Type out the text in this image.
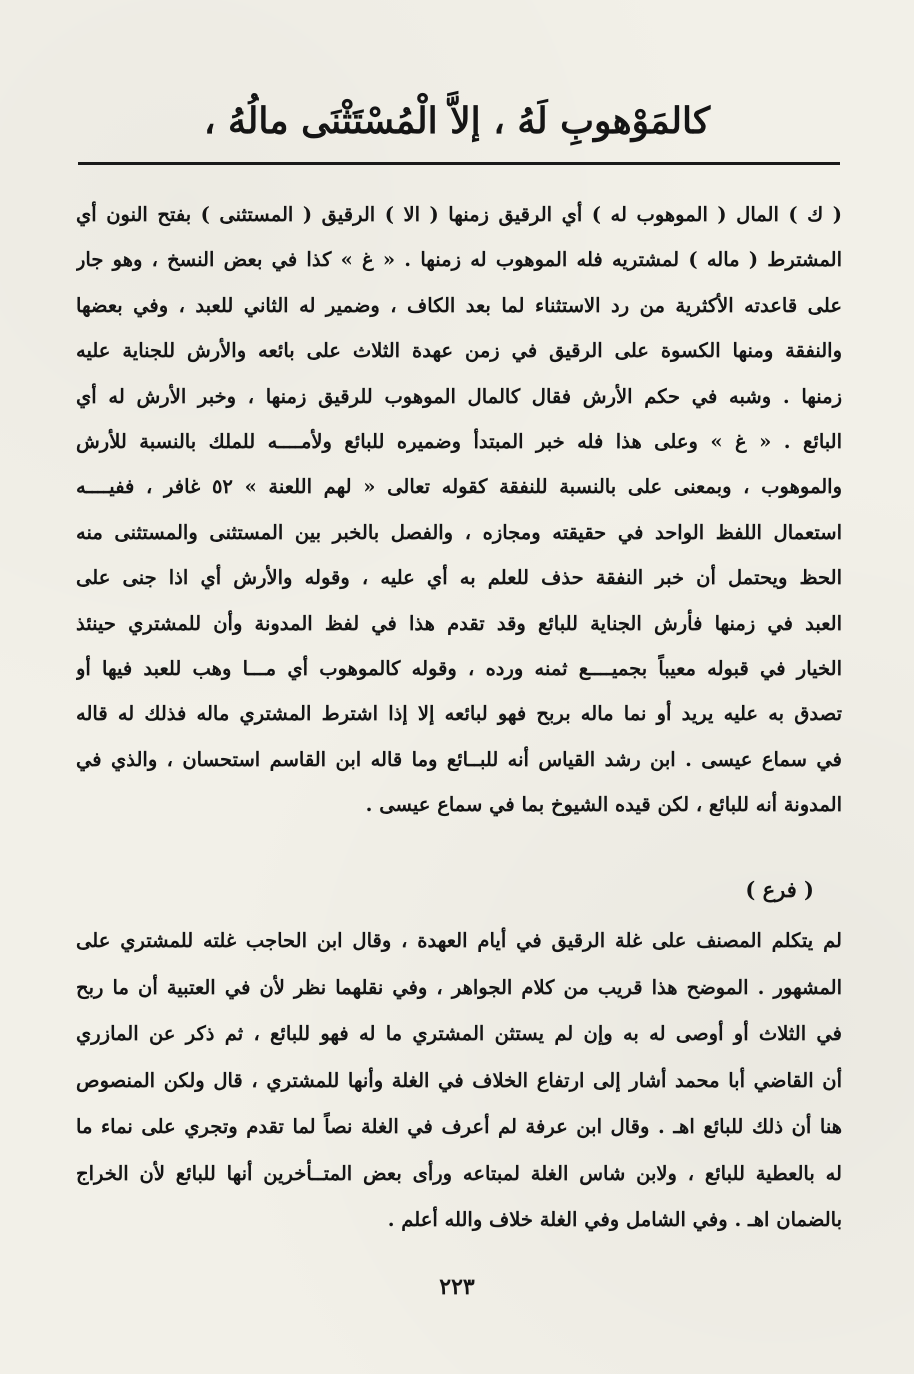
كالمَوْهوبِ لَهُ ، إلاَّ الْمُسْتَثْنَى مالُهُ ،
( ك ) المال ( الموهوب له ) أي الرقيق زمنها ( الا ) الرقيق ( المستثنى ) بفتح النون أي
المشترط ( ماله ) لمشتريه فله الموهوب له زمنها . « غ » كذا في بعض النسخ ، وهو جار
على قاعدته الأكثرية من رد الاستثناء لما بعد الكاف ، وضمير له الثاني للعبد ، وفي بعضها
والنفقة ومنها الكسوة على الرقيق في زمن عهدة الثلاث على بائعه والأرش للجناية عليه
زمنها . وشبه في حكم الأرش فقال كالمال الموهوب للرقيق زمنها ، وخبر الأرش له أي
البائع . « غ » وعلى هذا فله خبر المبتدأ وضميره للبائع ولأمــــه للملك بالنسبة للأرش
والموهوب ، وبمعنى على بالنسبة للنفقة كقوله تعالى « لهم اللعنة » ٥٢ غافر ، ففيــــه
استعمال اللفظ الواحد في حقيقته ومجازه ، والفصل بالخبر بين المستثنى والمستثنى منه
الحظ ويحتمل أن خبر النفقة حذف للعلم به أي عليه ، وقوله والأرش أي اذا جنى على
العبد في زمنها فأرش الجناية للبائع وقد تقدم هذا في لفظ المدونة وأن للمشتري حينئذ
الخيار في قبوله معيباً بجميــــع ثمنه ورده ، وقوله كالموهوب أي مـــا وهب للعبد فيها أو
تصدق به عليه يريد أو نما ماله بربح فهو لبائعه إلا إذا اشترط المشتري ماله فذلك له قاله
في سماع عيسى . ابن رشد القياس أنه للبــائع وما قاله ابن القاسم استحسان ، والذي في
المدونة أنه للبائع ، لكن قيده الشيوخ بما في سماع عيسى .
( فرع )
لم يتكلم المصنف على غلة الرقيق في أيام العهدة ، وقال ابن الحاجب غلته للمشتري على
المشهور . الموضح هذا قريب من كلام الجواهر ، وفي نقلهما نظر لأن في العتبية أن ما ربح
في الثلاث أو أوصى له به وإن لم يستثن المشتري ما له فهو للبائع ، ثم ذكر عن المازري
أن القاضي أبا محمد أشار إلى ارتفاع الخلاف في الغلة وأنها للمشتري ، قال ولكن المنصوص
هنا أن ذلك للبائع اهـ . وقال ابن عرفة لم أعرف في الغلة نصاً لما تقدم وتجري على نماء ما
له بالعطية للبائع ، ولابن شاس الغلة لمبتاعه ورأى بعض المتــأخرين أنها للبائع لأن الخراج
بالضمان اهـ . وفي الشامل وفي الغلة خلاف والله أعلم .
٢٢٣
